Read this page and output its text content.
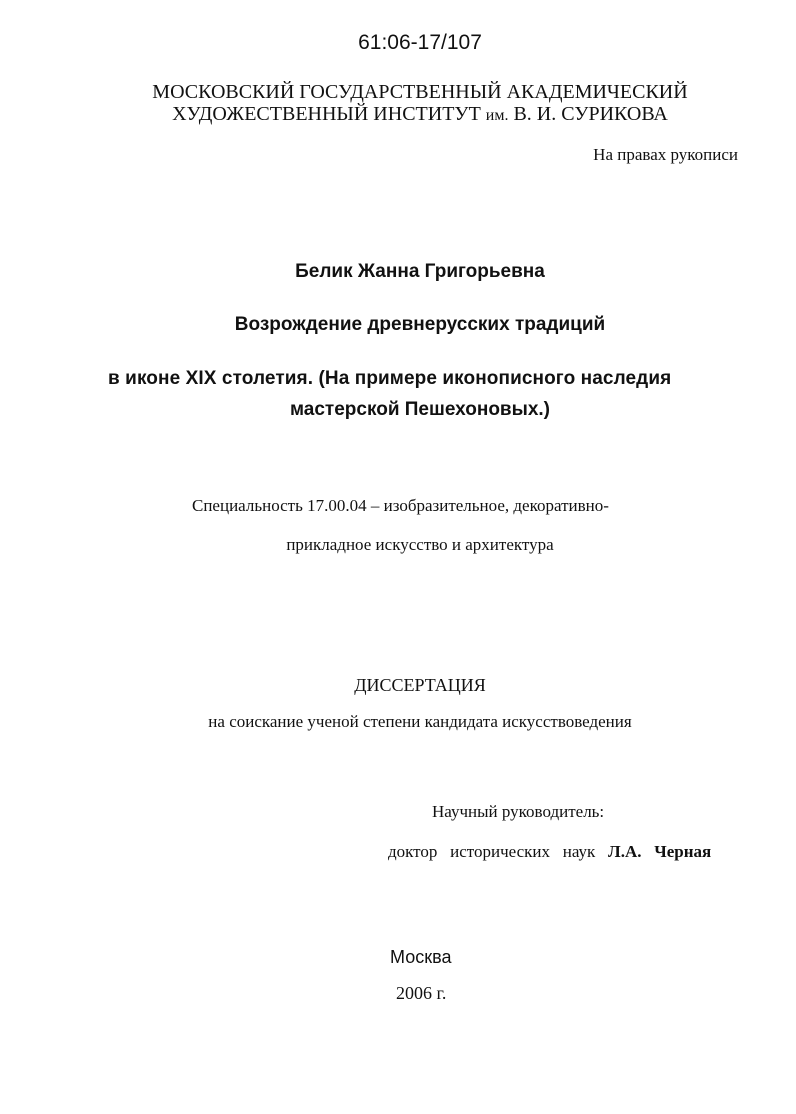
61:06-17/107
МОСКОВСКИЙ ГОСУДАРСТВЕННЫЙ АКАДЕМИЧЕСКИЙ
ХУДОЖЕСТВЕННЫЙ ИНСТИТУТ им. В. И. СУРИКОВА
На правах рукописи
Белик Жанна Григорьевна
Возрождение древнерусских традиций
в иконе XIX столетия. (На примере иконописного наследия
мастерской Пешехоновых.)
Специальность 17.00.04 – изобразительное, декоративно-
прикладное искусство и архитектура
ДИССЕРТАЦИЯ
на соискание ученой степени кандидата искусствоведения
Научный руководитель:
доктор   исторических   наук Л.А.   Черная
Москва
2006 г.
